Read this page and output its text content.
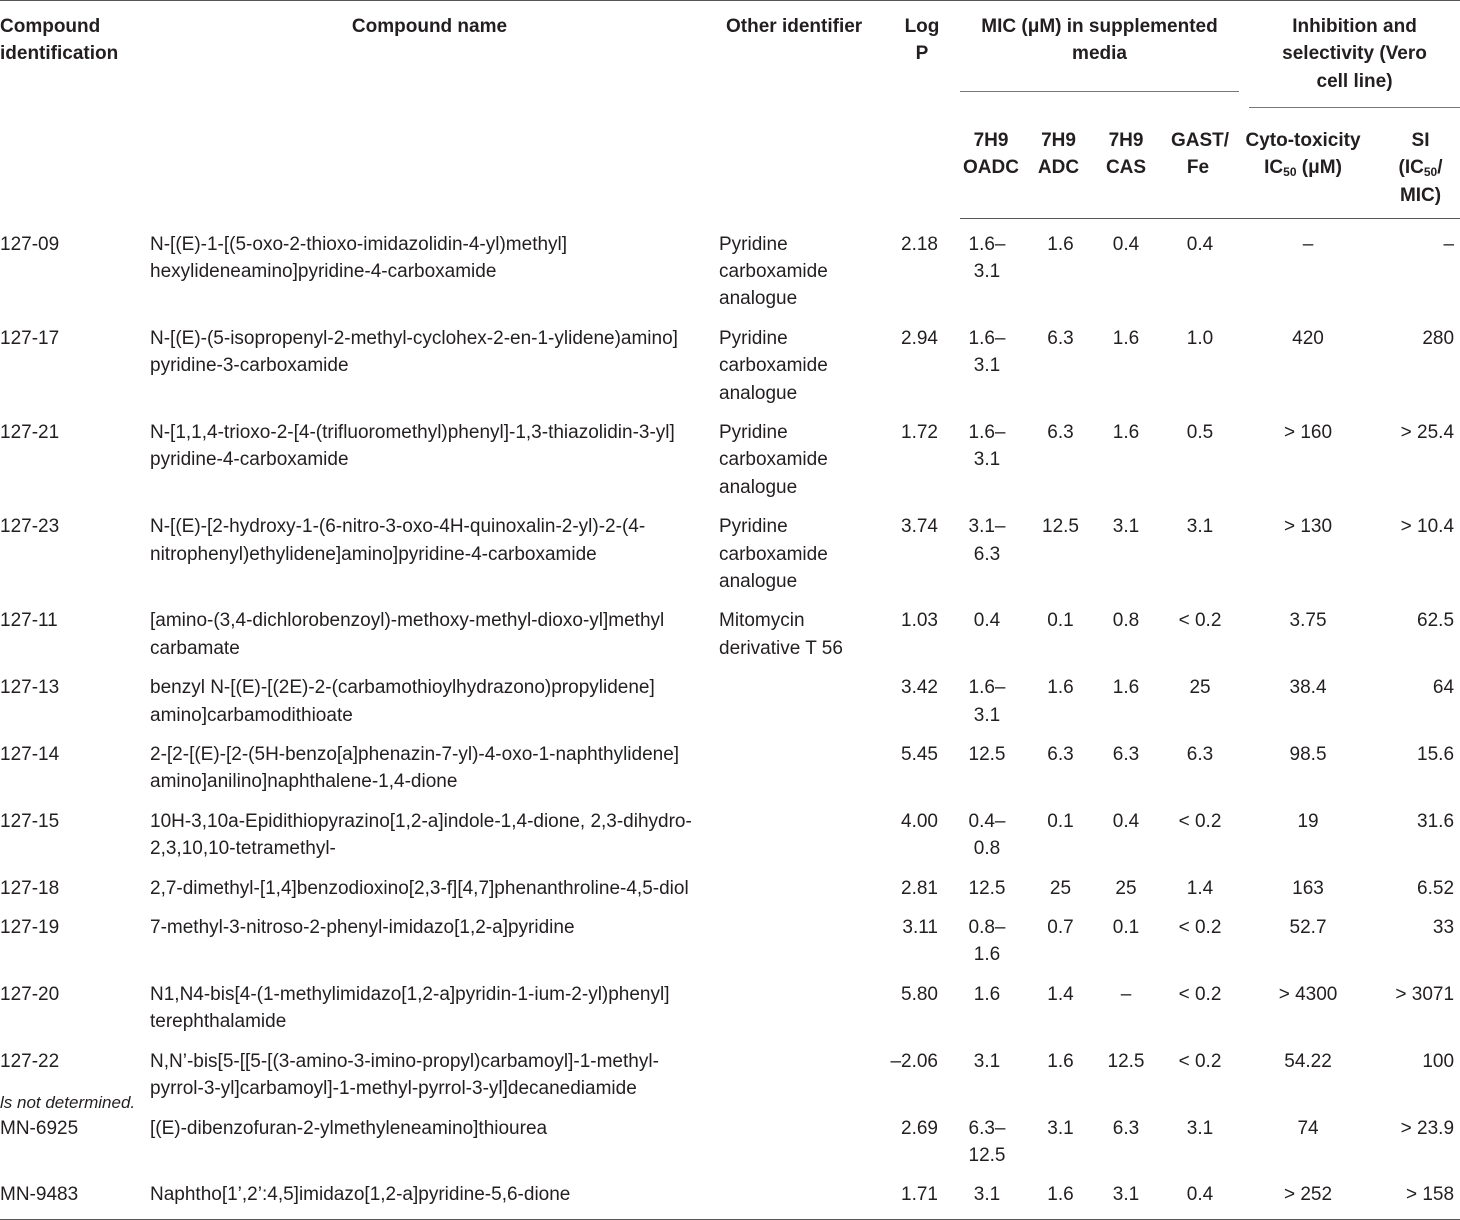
Compound identification	Compound name	Other identifier	Log P	MIC (μM) in supplemented media				Inhibition and selectivity (Vero cell line)	

				7H9 OADC	7H9 ADC	7H9 CAS	GAST/ Fe	Cyto-toxicity $IC_{50}$ (μM)	SI ($IC_{50}/$ MIC)
127-09	N-[(E)-1-[(5-oxo-2-thioxo-imidazolidin-4-yl)methyl] hexylideneamino]pyridine-4-carboxamide	Pyridine carboxamide analogue	2.18	1.6–3.1	1.6	0.4	0.4	–	–
127-17	N-[(E)-(5-isopropenyl-2-methyl-cyclohex-2-en-1-ylidene)amino] pyridine-3-carboxamide	Pyridine carboxamide analogue	2.94	1.6–3.1	6.3	1.6	1.0	420	280
127-21	N-[1,1,4-trioxo-2-[4-(trifluoromethyl)phenyl]-1,3-thiazolidin-3-yl] pyridine-4-carboxamide	Pyridine carboxamide analogue	1.72	1.6–3.1	6.3	1.6	0.5	> 160	> 25.4
127-23	N-[(E)-[2-hydroxy-1-(6-nitro-3-oxo-4H-quinoxalin-2-yl)-2-(4-nitrophenyl)ethylidene]amino]pyridine-4-carboxamide	Pyridine carboxamide analogue	3.74	3.1–6.3	12.5	3.1	3.1	> 130	> 10.4
127-11	[amino-(3,4-dichlorobenzoyl)-methoxy-methyl-dioxo-yl]methyl carbamate	Mitomycin derivative T 56	1.03	0.4	0.1	0.8	< 0.2	3.75	62.5
127-13	benzyl N-[(E)-[(2E)-2-(carbamothioylhydrazono)propylidene] amino]carbamodithioate		3.42	1.6–3.1	1.6	1.6	25	38.4	64
127-14	2-[2-[(E)-[2-(5H-benzo[a]phenazin-7-yl)-4-oxo-1-naphthylidene] amino]anilino]naphthalene-1,4-dione		5.45	12.5	6.3	6.3	6.3	98.5	15.6
127-15	10H-3,10a-Epidithiopyrazino[1,2-a]indole-1,4-dione, 2,3-dihydro-2,3,10,10-tetramethyl-		4.00	0.4–0.8	0.1	0.4	< 0.2	19	31.6
127-18	2,7-dimethyl-[1,4]benzodioxino[2,3-f][4,7]phenanthroline-4,5-diol		2.81	12.5	25	25	1.4	163	6.52
127-19	7-methyl-3-nitroso-2-phenyl-imidazo[1,2-a]pyridine		3.11	0.8–1.6	0.7	0.1	< 0.2	52.7	33
127-20	N1,N4-bis[4-(1-methylimidazo[1,2-a]pyridin-1-ium-2-yl)phenyl] terephthalamide		5.80	1.6	1.4	–	< 0.2	> 4300	> 3071
127-22	N,N’-bis[5-[[5-[(3-amino-3-imino-propyl)carbamoyl]-1-methyl-pyrrol-3-yl]carbamoyl]-1-methyl-pyrrol-3-yl]decanediamide		–2.06	3.1	1.6	12.5	< 0.2	54.22	100
MN-6925	[(E)-dibenzofuran-2-ylmethyleneamino]thiourea		2.69	6.3–12.5	3.1	6.3	3.1	74	> 23.9
MN-9483	Naphtho[1’,2’:4,5]imidazo[1,2-a]pyridine-5,6-dione		1.71	3.1	1.6	3.1	0.4	> 252	> 158
ls not determined.
